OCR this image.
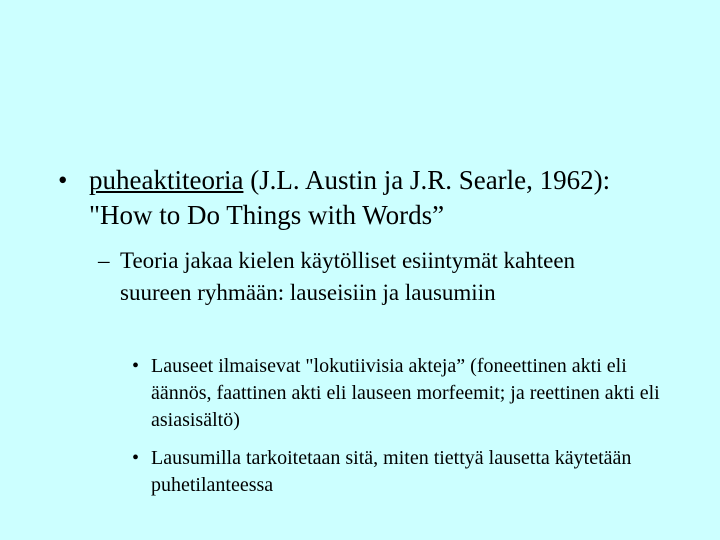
• puheaktiteoria (J.L. Austin ja J.R. Searle, 1962): "How to Do Things with Words”
– Teoria jakaa kielen käytölliset esiintymät kahteen suureen ryhmään: lauseisiin ja lausumiin
• Lauseet ilmaisevat "lokutiivisia akteja” (foneettinen akti eli äännös, faattinen akti eli lauseen morfeemit; ja reettinen akti eli asiasisältö)
• Lausumilla tarkoitetaan sitä, miten tiettyä lausetta käytetään puhetilanteessa
